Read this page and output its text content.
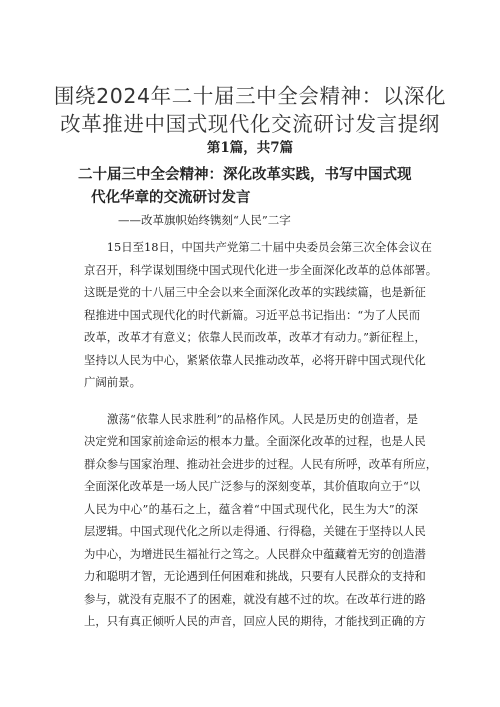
围绕2024年二十届三中全会精神：以深化
改革推进中国式现代化交流研讨发言提纲
第1篇，共7篇
二十届三中全会精神：深化改革实践，书写中国式现
代化华章的交流研讨发言
——改革旗帜始终镌刻“人民”二字

　　15日至18日，中国共产党第二十届中央委员会第三次全体会议在
京召开，科学谋划围绕中国式现代化进一步全面深化改革的总体部署。
这既是党的十八届三中全会以来全面深化改革的实践续篇，也是新征
程推进中国式现代化的时代新篇。习近平总书记指出：“为了人民而
改革，改革才有意义；依靠人民而改革，改革才有动力。”新征程上，
坚持以人民为中心，紧紧依靠人民推动改革，必将开辟中国式现代化
广阔前景。

　　激荡“依靠人民求胜利”的品格作风。人民是历史的创造者，是
决定党和国家前途命运的根本力量。全面深化改革的过程，也是人民
群众参与国家治理、推动社会进步的过程。人民有所呼，改革有所应，
全面深化改革是一场人民广泛参与的深刻变革，其价值取向立于“以
人民为中心”的基石之上，蕴含着“中国式现代化，民生为大”的深
层逻辑。中国式现代化之所以走得通、行得稳，关键在于坚持以人民
为中心，为增进民生福祉行之笃之。人民群众中蕴藏着无穷的创造潜
力和聪明才智，无论遇到任何困难和挑战，只要有人民群众的支持和
参与，就没有克服不了的困难，就没有越不过的坎。在改革行进的路
上，只有真正倾听人民的声音，回应人民的期待，才能找到正确的方
